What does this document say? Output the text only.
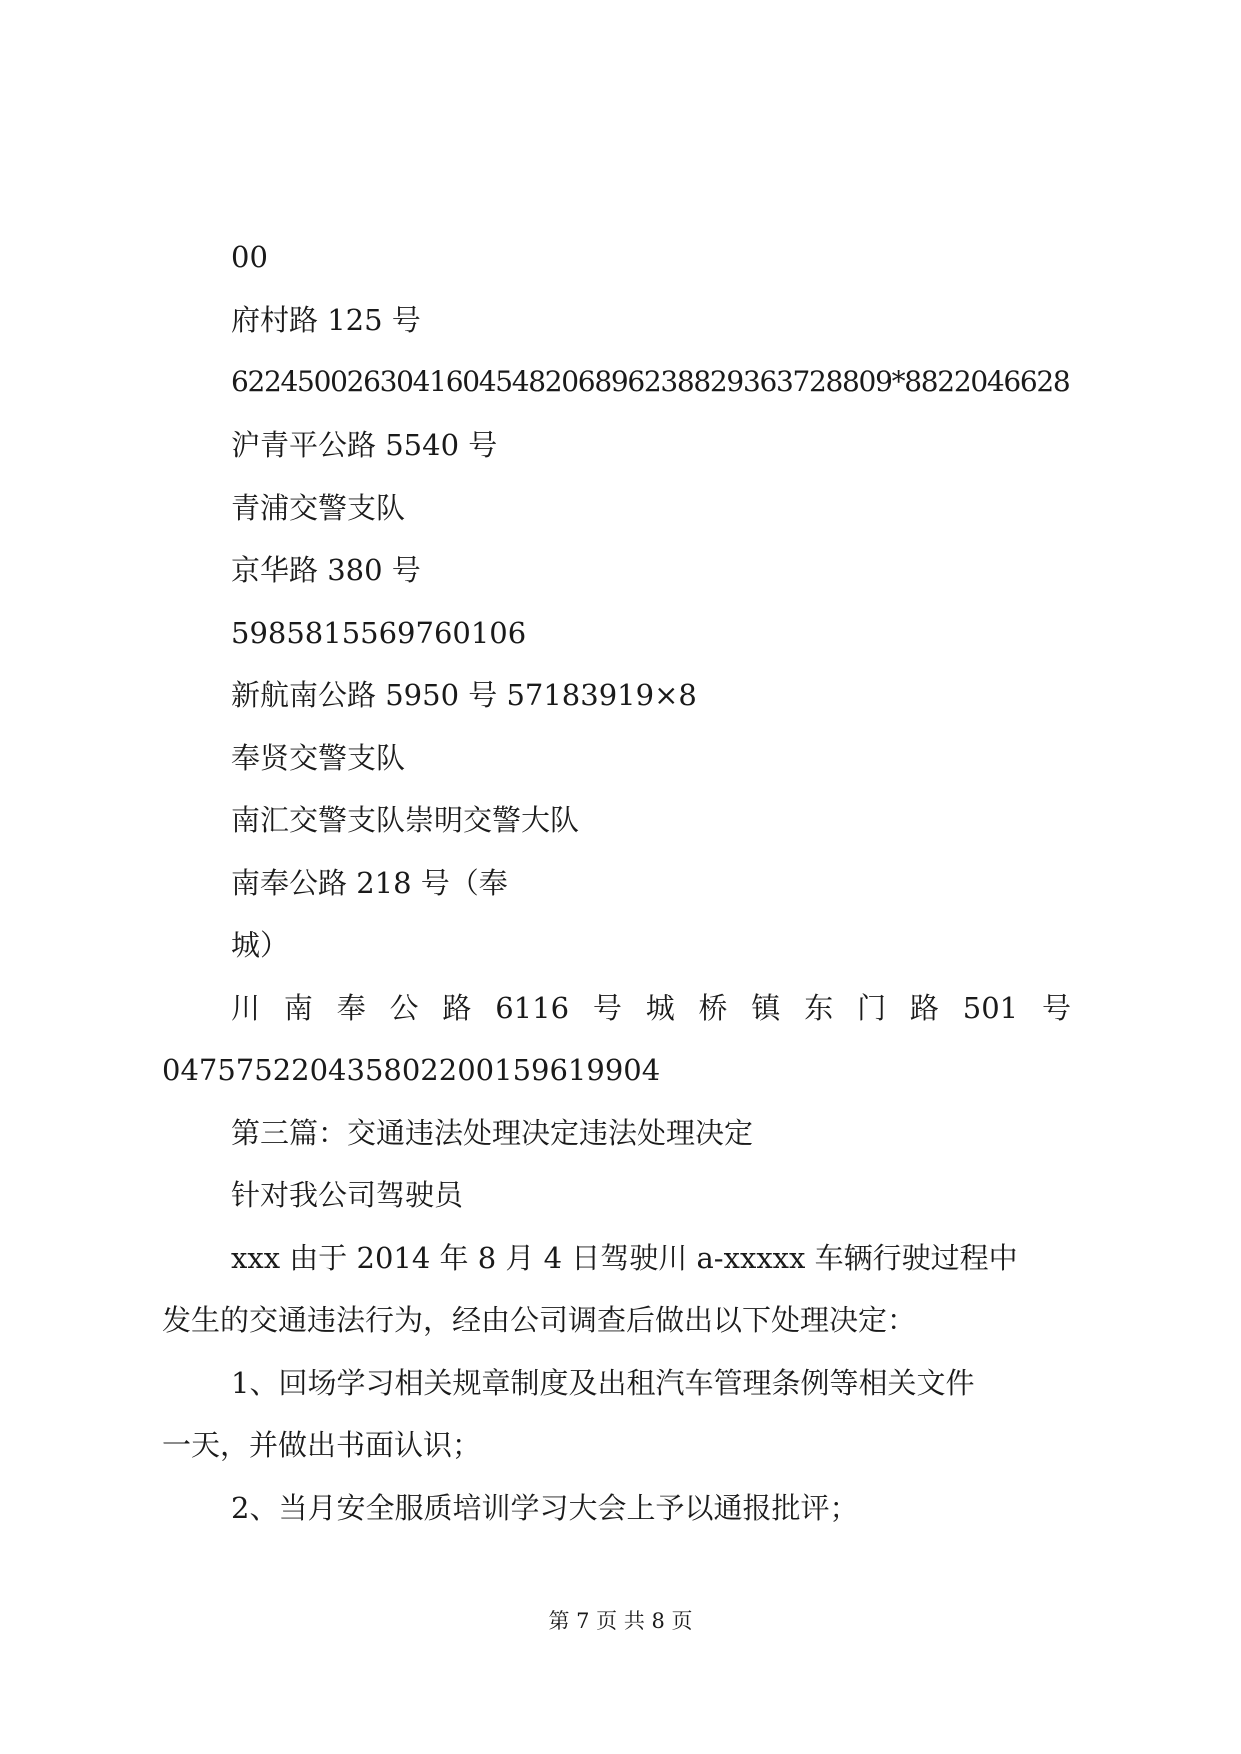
00
府村路 125 号
62245002630416045482068962388293637288​09*8822046628
沪青平公路 5540 号
青浦交警支队
京华路 380 号
5985815569760106
新航南公路 5950 号 57183919×8
奉贤交警支队
南汇交警支队崇明交警大队
南奉公路 218 号（奉
城）
川 南 奉 公 路 6116 号 城 桥 镇 东 门 路 501 号
047575220435802200159619904
第三篇：交通违法处理决定违法处理决定
针对我公司驾驶员
xxx 由于 2014 年 8 月 4 日驾驶川 a-xxxxx 车辆行驶过程中
发生的交通违法行为，经由公司调查后做出以下处理决定：
1、回场学习相关规章制度及出租汽车管理条例等相关文件
一天，并做出书面认识；
2、当月安全服质培训学习大会上予以通报批评；
第 7 页 共 8 页
